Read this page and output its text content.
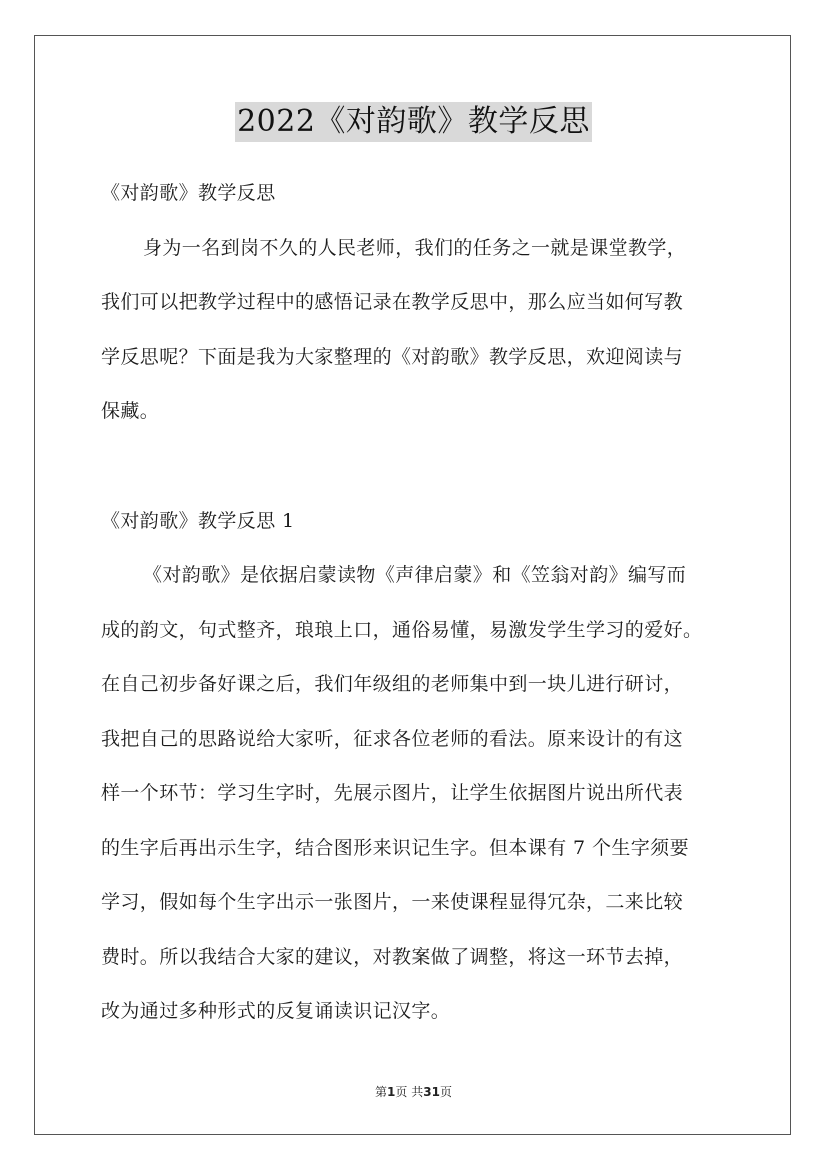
2022《对韵歌》教学反思
《对韵歌》教学反思
身为一名到岗不久的人民老师，我们的任务之一就是课堂教学，
我们可以把教学过程中的感悟记录在教学反思中，那么应当如何写教
学反思呢？下面是我为大家整理的《对韵歌》教学反思，欢迎阅读与
保藏。
《对韵歌》教学反思 1
《对韵歌》是依据启蒙读物《声律启蒙》和《笠翁对韵》编写而
成的韵文，句式整齐，琅琅上口，通俗易懂，易激发学生学习的爱好。
在自己初步备好课之后，我们年级组的老师集中到一块儿进行研讨，
我把自己的思路说给大家听，征求各位老师的看法。原来设计的有这
样一个环节：学习生字时，先展示图片，让学生依据图片说出所代表
的生字后再出示生字，结合图形来识记生字。但本课有 7 个生字须要
学习，假如每个生字出示一张图片，一来使课程显得冗杂，二来比较
费时。所以我结合大家的建议，对教案做了调整，将这一环节去掉，
改为通过多种形式的反复诵读识记汉字。
第1页 共31页
